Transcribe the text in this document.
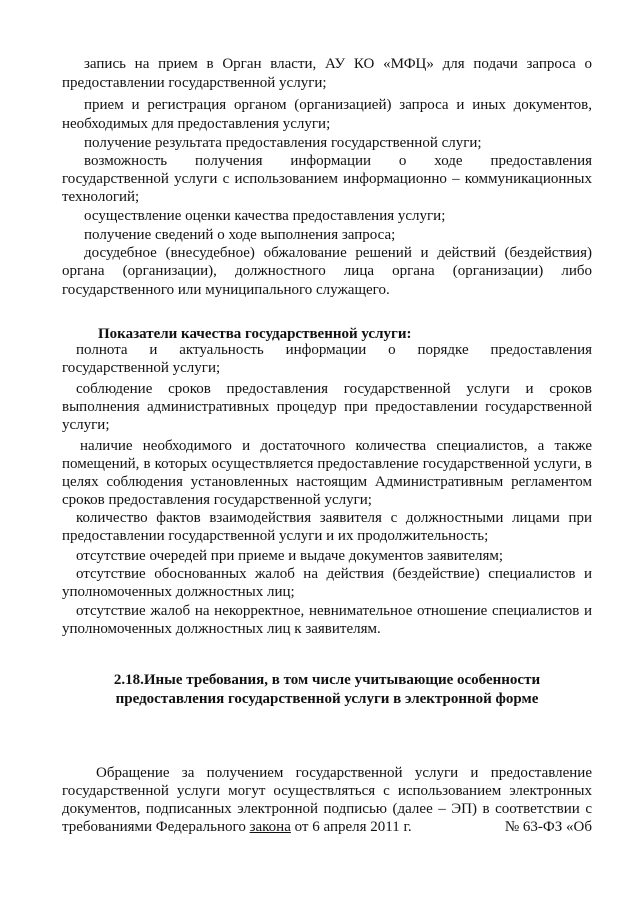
запись на прием в Орган власти, АУ КО «МФЦ» для подачи запроса о
предоставлении государственной услуги;
прием и регистрация органом (организацией) запроса и иных документов,
необходимых для предоставления услуги;
получение результата предоставления государственной слуги;
возможность получения информации о ходе предоставления
государственной услуги с использованием информационно – коммуникационных
технологий;
осуществление оценки качества предоставления услуги;
получение сведений о ходе выполнения запроса;
досудебное (внесудебное) обжалование решений и действий (бездействия)
органа (организации), должностного лица органа (организации) либо
государственного или муниципального служащего.
Показатели качества государственной услуги:
полнота и актуальность информации о порядке предоставления
государственной услуги;
соблюдение сроков предоставления государственной услуги и сроков
выполнения административных процедур при предоставлении государственной
услуги;
наличие необходимого и достаточного количества специалистов, а также
помещений, в которых осуществляется предоставление государственной услуги, в
целях соблюдения установленных настоящим Административным регламентом
сроков предоставления государственной услуги;
количество фактов взаимодействия заявителя с должностными лицами при
предоставлении государственной услуги и их продолжительность;
отсутствие очередей при приеме и выдаче документов заявителям;
отсутствие обоснованных жалоб на действия (бездействие) специалистов и
уполномоченных должностных лиц;
отсутствие жалоб на некорректное, невнимательное отношение специалистов и
уполномоченных должностных лиц к заявителям.
2.18.Иные требования, в том числе учитывающие особенности
предоставления государственной услуги в электронной форме
Обращение за получением государственной услуги и предоставление
государственной услуги могут осуществляться с использованием электронных
документов, подписанных электронной подписью (далее – ЭП) в соответствии с
требованиями Федерального закона от 6 апреля 2011 г.	№ 63-ФЗ «Об
